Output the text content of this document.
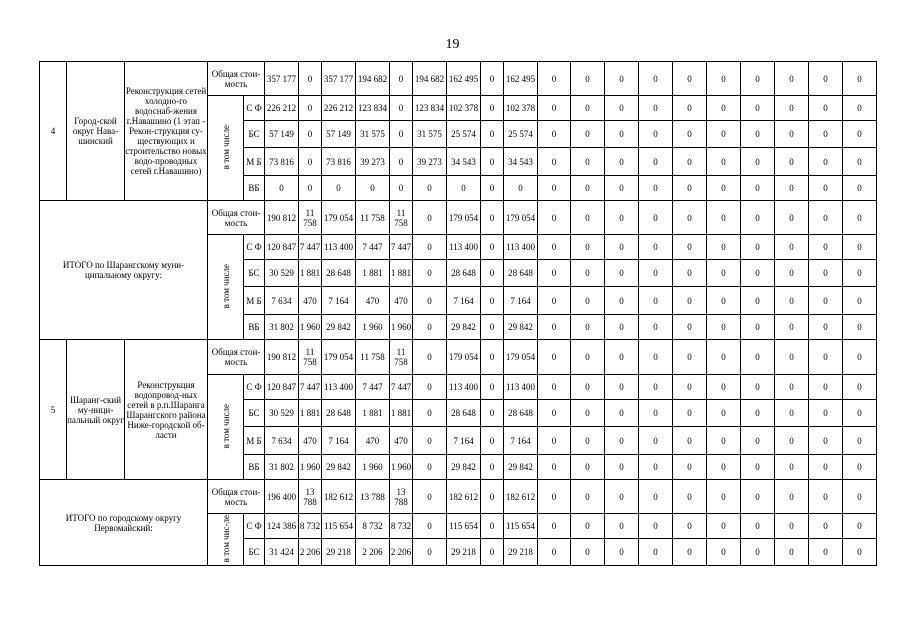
19
4	Город-ской округ Нава-шинский	Реконструкция сетей холодно-го водоснаб-жения г.Навашино (1 этап - Рекон-струкция су-ществующих и строительство новых водо-проводных сетей г.Навашино)	Общая стои-мость		357 177	0	357 177	194 682	0	194 682	162 495	0	162 495	0	0	0	0	0	0	0	0	0	0
			в том числе	С Ф	226 212	0	226 212	123 834	0	123 834	102 378	0	102 378	0	0	0	0	0	0	0	0	0	0
				БС	57 149	0	57 149	31 575	0	31 575	25 574	0	25 574	0	0	0	0	0	0	0	0	0	0
				М Б	73 816	0	73 816	39 273	0	39 273	34 543	0	34 543	0	0	0	0	0	0	0	0	0	0
				ВБ	0	0	0	0	0	0	0	0	0	0	0	0	0	0	0	0	0	0	0
ИТОГО по Шарангскому муни-ципальному округу:			Общая стои-мость		190 812	11 758	179 054	11 758	11 758	0	179 054	0	179 054	0	0	0	0	0	0	0	0	0	0
			в том числе	С Ф	120 847	7 447	113 400	7 447	7 447	0	113 400	0	113 400	0	0	0	0	0	0	0	0	0	0
				БС	30 529	1 881	28 648	1 881	1 881	0	28 648	0	28 648	0	0	0	0	0	0	0	0	0	0
				М Б	7 634	470	7 164	470	470	0	7 164	0	7 164	0	0	0	0	0	0	0	0	0	0
				ВБ	31 802	1 960	29 842	1 960	1 960	0	29 842	0	29 842	0	0	0	0	0	0	0	0	0	0
5	Шаранг-ский му-ници-пальный округ	Реконструкция водопровод-ных сетей в р.п.Шаранга Шарангского района Ниже-городской об-ласти	Общая стои-мость		190 812	11 758	179 054	11 758	11 758	0	179 054	0	179 054	0	0	0	0	0	0	0	0	0	0
			в том числе	С Ф	120 847	7 447	113 400	7 447	7 447	0	113 400	0	113 400	0	0	0	0	0	0	0	0	0	0
				БС	30 529	1 881	28 648	1 881	1 881	0	28 648	0	28 648	0	0	0	0	0	0	0	0	0	0
				М Б	7 634	470	7 164	470	470	0	7 164	0	7 164	0	0	0	0	0	0	0	0	0	0
				ВБ	31 802	1 960	29 842	1 960	1 960	0	29 842	0	29 842	0	0	0	0	0	0	0	0	0	0
ИТОГО по городскому округу Первомайский:			Общая стои-мость		196 400	13 788	182 612	13 788	13 788	0	182 612	0	182 612	0	0	0	0	0	0	0	0	0	0
			в том чис-ле	С Ф	124 386	8 732	115 654	8 732	8 732	0	115 654	0	115 654	0	0	0	0	0	0	0	0	0	0
				БС	31 424	2 206	29 218	2 206	2 206	0	29 218	0	29 218	0	0	0	0	0	0	0	0	0	0
